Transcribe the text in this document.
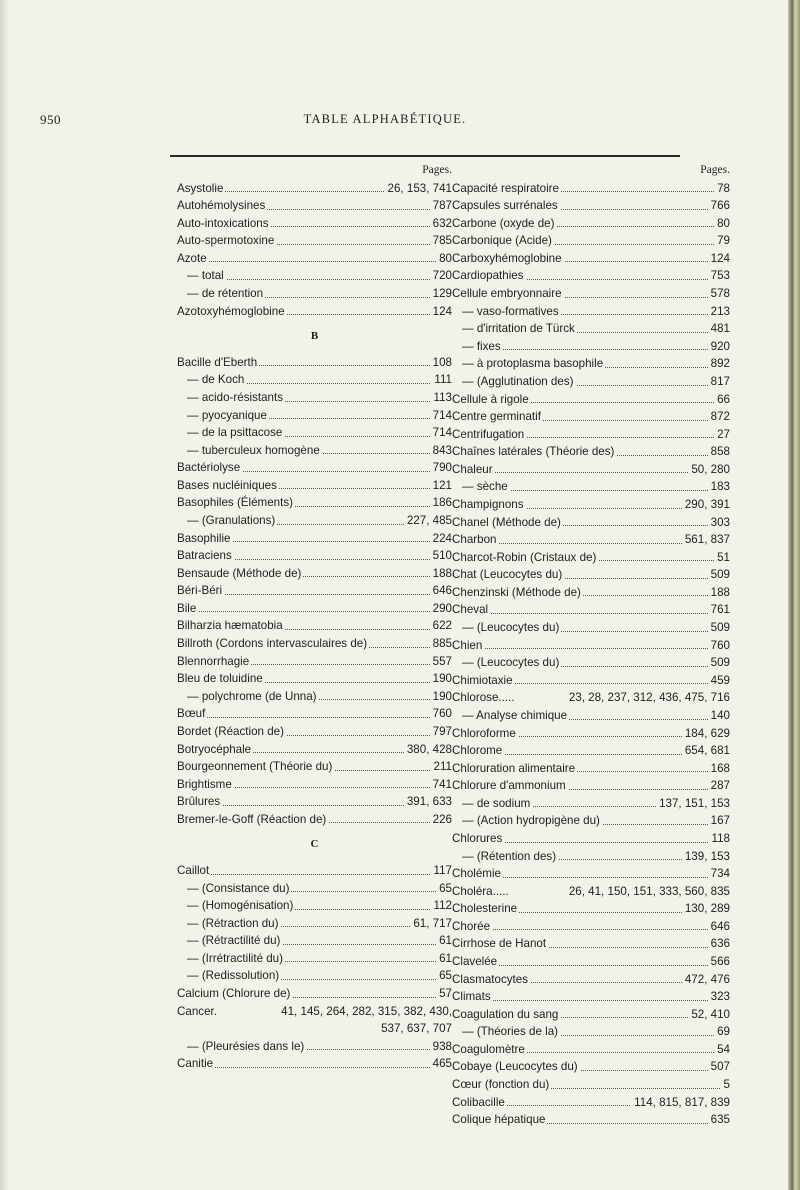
950	TABLE ALPHABÉTIQUE.
Pages.
Asystolie	26, 153, 741
Autohémolysines	787
Auto-intoxications	632
Auto-spermotoxine	785
Azote	80
— total	720
— de rétention	129
Azotoxyhémoglobine	124
B
Bacille d'Eberth	108
— de Koch	111
— acido-résistants	113
— pyocyanique	714
— de la psittacose	714
— tuberculeux homogène	843
Bactériolyse	790
Bases nucléiniques	121
Basophiles (Éléments)	186
— (Granulations)	227, 485
Basophilie	224
Batraciens	510
Bensaude (Méthode de)	188
Béri-Béri	646
Bile	290
Bilharzia hæmatobia	622
Billroth (Cordons intervasculaires de)	885
Blennorrhagie	557
Bleu de toluidine	190
— polychrome (de Unna)	190
Bœuf	760
Bordet (Réaction de)	797
Botryocéphale	380, 428
Bourgeonnement (Théorie du)	211
Brightisme	741
Brûlures	391, 633
Bremer-le-Goff (Réaction de)	226
C
Caillot	117
— (Consistance du)	65
— (Homogénisation)	112
— (Rétraction du)	61, 717
— (Rétractilité du)	61
— (Irrétractilité du)	61
— (Redissolution)	65
Calcium (Chlorure de)	57
Cancer.	41, 145, 264, 282, 315, 382, 430,
537, 637, 707
— (Pleurésies dans le)	938
Canitie	465
Pages.
Capacité respiratoire	78
Capsules surrénales	766
Carbone (oxyde de)	80
Carbonique (Acide)	79
Carboxyhémoglobine	124
Cardiopathies	753
Cellule embryonnaire	578
— vaso-formatives	213
— d'irritation de Türck	481
— fixes	920
— à protoplasma basophile	892
— (Agglutination des)	817
Cellule à rigole	66
Centre germinatif	872
Centrifugation	27
Chaînes latérales (Théorie des)	858
Chaleur	50, 280
— sèche	183
Champignons	290, 391
Chanel (Méthode de)	303
Charbon	561, 837
Charcot-Robin (Cristaux de)	51
Chat (Leucocytes du)	509
Chenzinski (Méthode de)	188
Cheval	761
— (Leucocytes du)	509
Chien	760
— (Leucocytes du)	509
Chimiotaxie	459
Chlorose.....	23, 28, 237, 312, 436, 475, 716
— Analyse chimique	140
Chloroforme	184, 629
Chlorome	654, 681
Chloruration alimentaire	168
Chlorure d'ammonium	287
— de sodium	137, 151, 153
— (Action hydropigène du)	167
Chlorures	118
— (Rétention des)	139, 153
Cholémie	734
Choléra.....	26, 41, 150, 151, 333, 560, 835
Cholesterine	130, 289
Chorée	646
Cirrhose de Hanot	636
Clavelée	566
Clasmatocytes	472, 476
Climats	323
Coagulation du sang	52, 410
— (Théories de la)	69
Coagulomètre	54
Cobaye (Leucocytes du)	507
Cœur (fonction du)	5
Colibacille	114, 815, 817, 839
Colique hépatique	635
